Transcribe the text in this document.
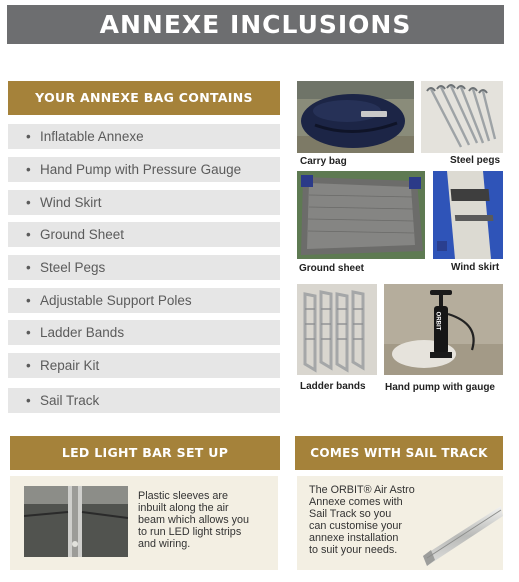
ANNEXE INCLUSIONS
YOUR ANNEXE BAG CONTAINS
• Inflatable Annexe
• Hand Pump with Pressure Gauge
• Wind Skirt
• Ground Sheet
• Steel Pegs
• Adjustable Support Poles
• Ladder Bands
• Repair Kit
• Sail Track
Carry bag	Steel pegs
Ground sheet	Wind skirt
Ladder bands
ORBIT
Hand pump with gauge
LED LIGHT BAR SET UP
Plastic sleeves are
inbuilt along the air
beam which allows you
to run LED light strips
and wiring.
COMES WITH SAIL TRACK
The ORBIT® Air Astro
Annexe comes with
Sail Track so you
can customise your
annexe installation
to suit your needs.
